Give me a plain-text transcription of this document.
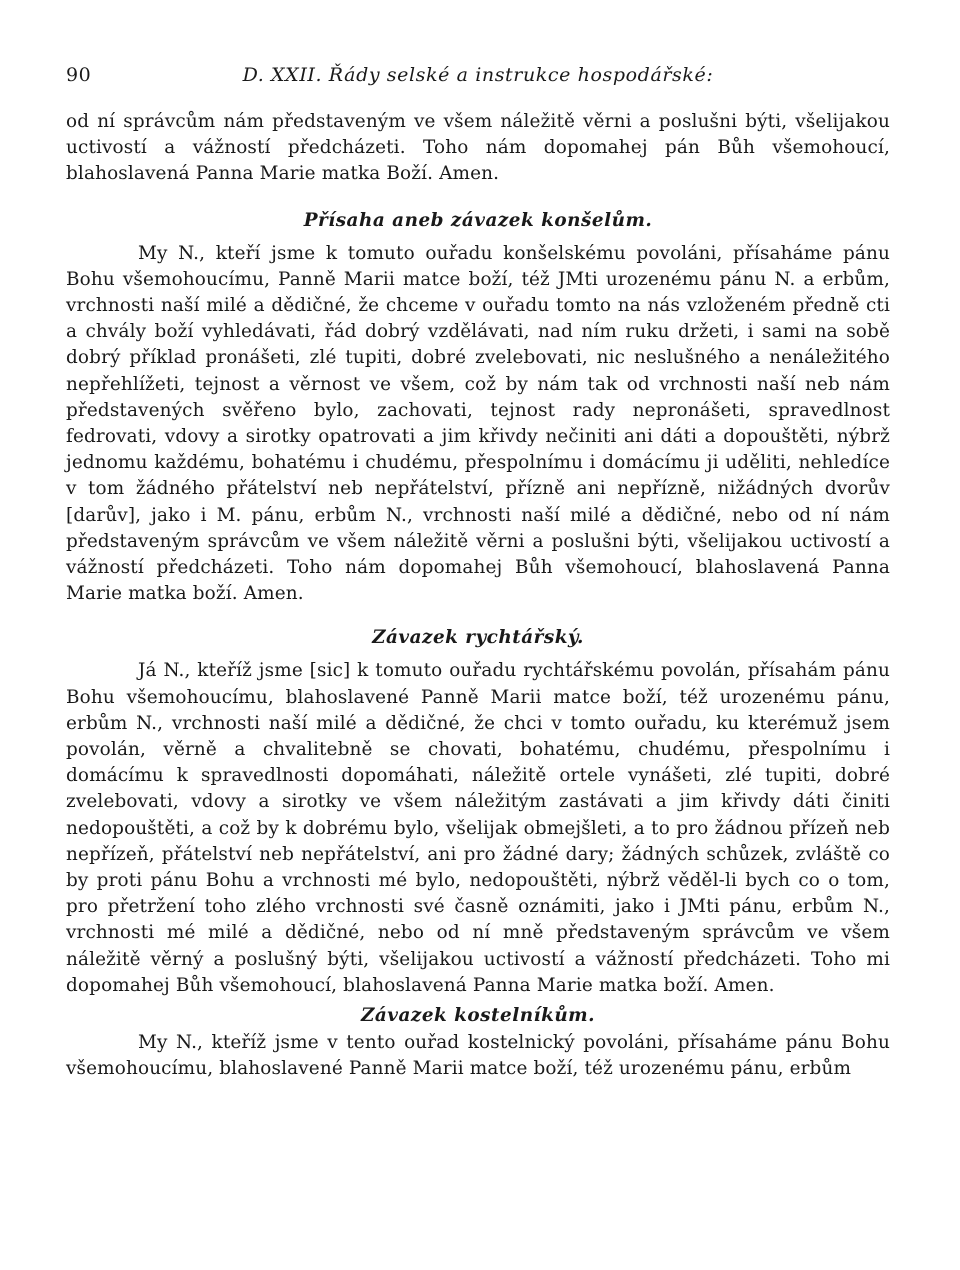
90	D. XXII. Řády selské a instrukce hospodářské:

od ní správcům nám představeným ve všem náležitě věrni a poslušni býti, všelijakou uctivostí a vážností předcházeti. Toho nám dopomahej pán Bůh všemohoucí, blahoslavená Panna Marie matka Boží. Amen.

Přísaha aneb závazek konšelům.

My N., kteří jsme k tomuto ouřadu konšelskému povoláni, přísaháme pánu Bohu všemohoucímu, Panně Marii matce boží, též JMti urozenému pánu N. a erbům, vrchnosti naší milé a dědičné, že chceme v ouřadu tomto na nás vzloženém předně cti a chvály boží vyhledávati, řád dobrý vzdělávati, nad ním ruku držeti, i sami na sobě dobrý příklad pronášeti, zlé tupiti, dobré zvelebovati, nic neslušného a nenáležitého nepřehlížeti, tejnost a věrnost ve všem, což by nám tak od vrchnosti naší neb nám představených svěřeno bylo, zachovati, tejnost rady nepronášeti, spravedlnost fedrovati, vdovy a sirotky opatrovati a jim křivdy nečiniti ani dáti a dopouštěti, nýbrž jednomu každému, bohatému i chudému, přespolnímu i domácímu ji uděliti, nehledíce v tom žádného přátelství neb nepřátelství, přízně ani nepřízně, nižádných dvorův [darův], jako i M. pánu, erbům N., vrchnosti naší milé a dědičné, nebo od ní nám představeným správcům ve všem náležitě věrni a poslušni býti, všelijakou uctivostí a vážností předcházeti. Toho nám dopomahej Bůh všemohoucí, blahoslavená Panna Marie matka boží. Amen.

Závazek rychtářský.

Já N., kteříž jsme [sic] k tomuto ouřadu rychtářskému povolán, přísahám pánu Bohu všemohoucímu, blahoslavené Panně Marii matce boží, též urozenému pánu, erbům N., vrchnosti naší milé a dědičné, že chci v tomto ouřadu, ku kterémuž jsem povolán, věrně a chvalitebně se chovati, bohatému, chudému, přespolnímu i domácímu k spravedlnosti dopomáhati, náležitě ortele vynášeti, zlé tupiti, dobré zvelebovati, vdovy a sirotky ve všem náležitým zastávati a jim křivdy dáti činiti nedopouštěti, a což by k dobrému bylo, všelijak obmejšleti, a to pro žádnou přízeň neb nepřízeň, přátelství neb nepřátelství, ani pro žádné dary; žádných schůzek, zvláště co by proti pánu Bohu a vrchnosti mé bylo, nedopouštěti, nýbrž věděl-li bych co o tom, pro přetržení toho zlého vrchnosti své časně oznámiti, jako i JMti pánu, erbům N., vrchnosti mé milé a dědičné, nebo od ní mně představeným správcům ve všem náležitě věrný a poslušný býti, všelijakou uctivostí a vážností předcházeti. Toho mi dopomahej Bůh všemohoucí, blahoslavená Panna Marie matka boží. Amen.

Závazek kostelníkům.

My N., kteříž jsme v tento ouřad kostelnický povoláni, přísaháme pánu Bohu všemohoucímu, blahoslavené Panně Marii matce boží, též urozenému pánu, erbům
